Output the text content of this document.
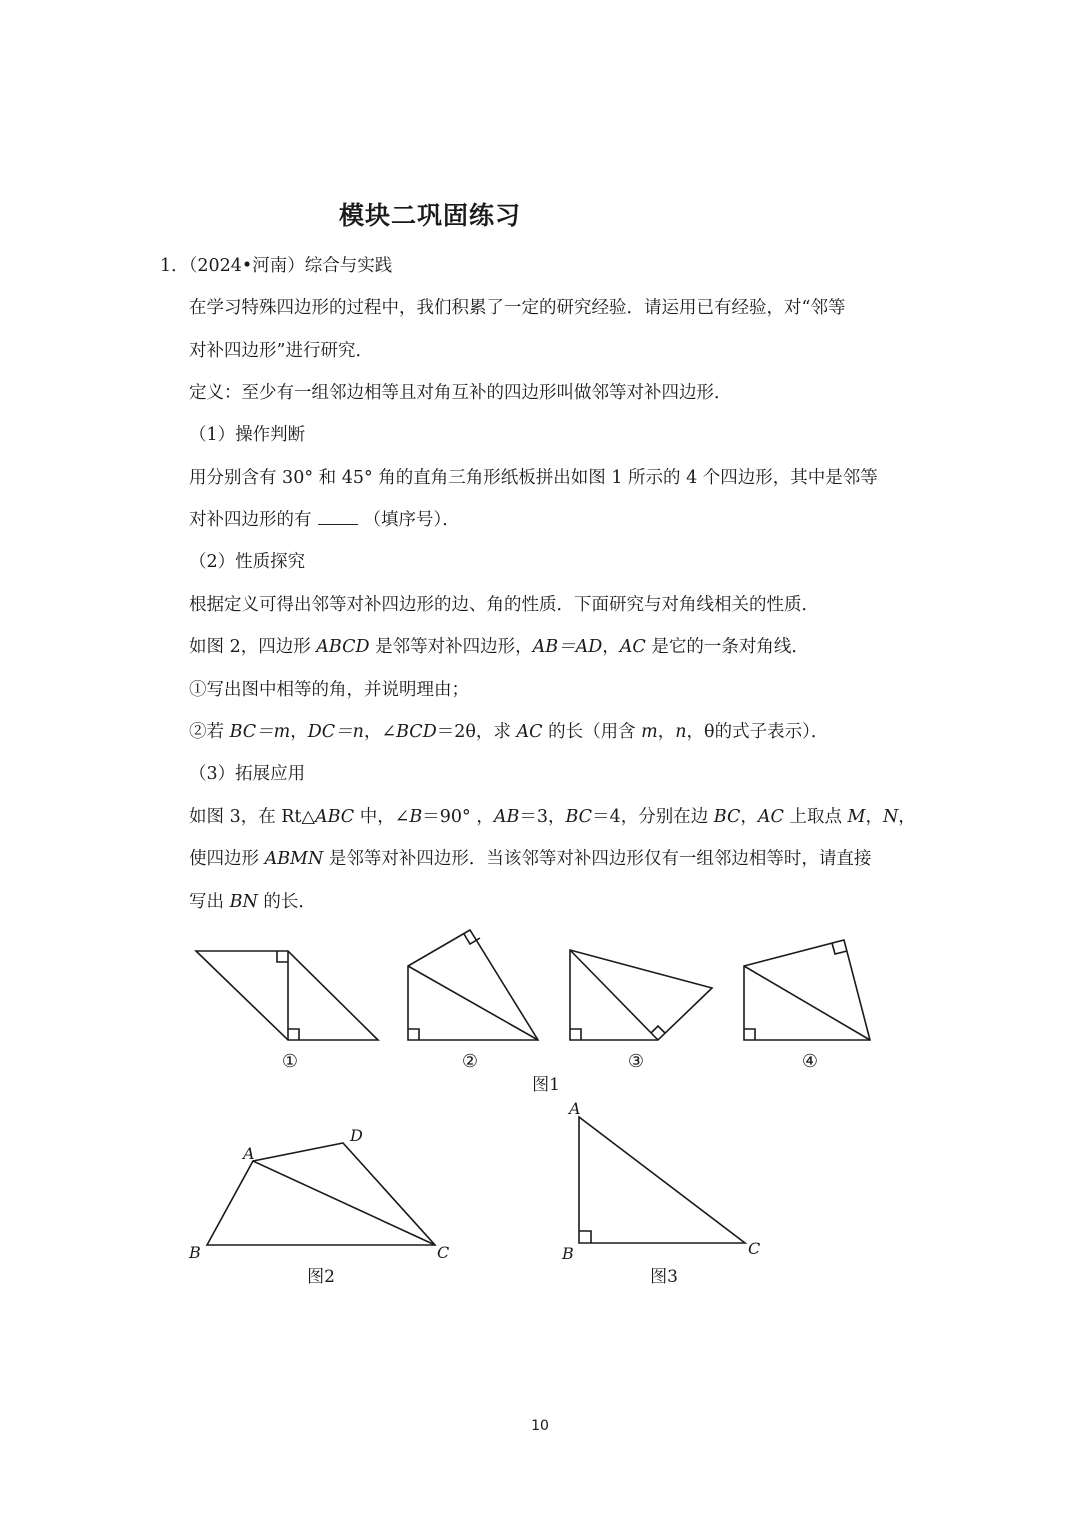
模块二巩固练习
1．（2024•河南）综合与实践
在学习特殊四边形的过程中，我们积累了一定的研究经验．请运用已有经验，对“邻等
对补四边形”进行研究．
定义：至少有一组邻边相等且对角互补的四边形叫做邻等对补四边形．
（1）操作判断
用分别含有 30° 和 45° 角的直角三角形纸板拼出如图 1 所示的 4 个四边形，其中是邻等
对补四边形的有	（填序号）．
（2）性质探究
根据定义可得出邻等对补四边形的边、角的性质．下面研究与对角线相关的性质．
如图 2，四边形 ABCD 是邻等对补四边形，AB＝AD，AC 是它的一条对角线．
①写出图中相等的角，并说明理由；
②若 BC＝m，DC＝n，∠BCD＝2θ，求 AC 的长（用含 m，n，θ的式子表示）．
（3）拓展应用
如图 3，在 Rt△ABC 中，∠B＝90° ，AB＝3，BC＝4，分别在边 BC，AC 上取点 M，N，
使四边形 ABMN 是邻等对补四边形．当该邻等对补四边形仅有一组邻边相等时，请直接
写出 BN 的长．
①	②	③	④
图1
图2	图3
A
D
B	C
A
B	C
10
